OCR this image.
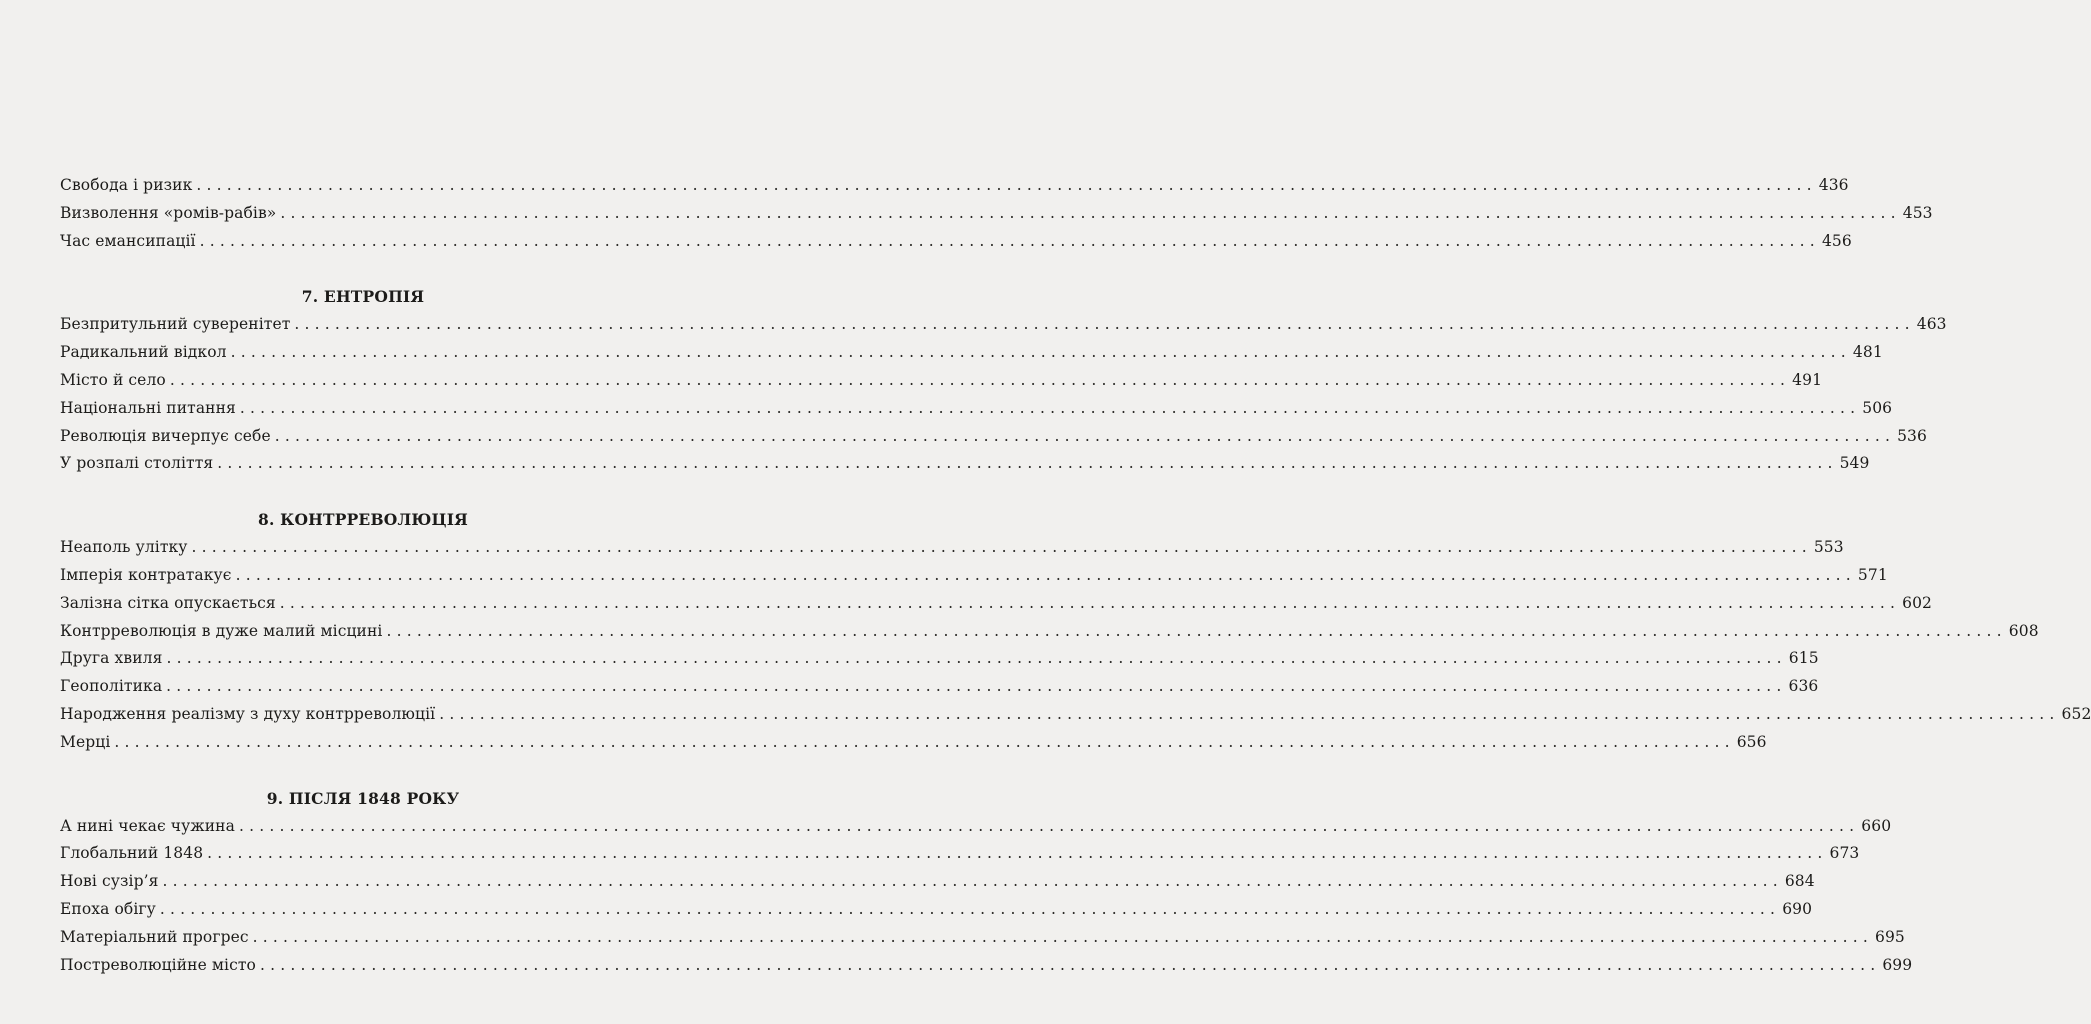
Свобода і ризик ................................................................................................................................................................ 436
Визволення «ромів-рабів» ................................................................................................................................................................ 453
Час емансипації ................................................................................................................................................................ 456
7. ЕНТРОПІЯ
Безпритульний суверенітет ................................................................................................................................................................ 463
Радикальний відкол ................................................................................................................................................................ 481
Місто й село ................................................................................................................................................................ 491
Національні питання ................................................................................................................................................................ 506
Революція вичерпує себе ................................................................................................................................................................ 536
У розпалі століття ................................................................................................................................................................ 549
8. КОНТРРЕВОЛЮЦІЯ
Неаполь улітку ................................................................................................................................................................ 553
Імперія контратакує ................................................................................................................................................................ 571
Залізна сітка опускається ................................................................................................................................................................ 602
Контрреволюція в дуже малий місцині ................................................................................................................................................................ 608
Друга хвиля ................................................................................................................................................................ 615
Геополітика ................................................................................................................................................................ 636
Народження реалізму з духу контрреволюції ................................................................................................................................................................ 652
Мерці ................................................................................................................................................................ 656
9. ПІСЛЯ 1848 РОКУ
А нині чекає чужина ................................................................................................................................................................ 660
Глобальний 1848 ................................................................................................................................................................ 673
Нові сузір’я ................................................................................................................................................................ 684
Епоха обігу ................................................................................................................................................................ 690
Матеріальний прогрес ................................................................................................................................................................ 695
Постреволюційне місто ................................................................................................................................................................ 699
